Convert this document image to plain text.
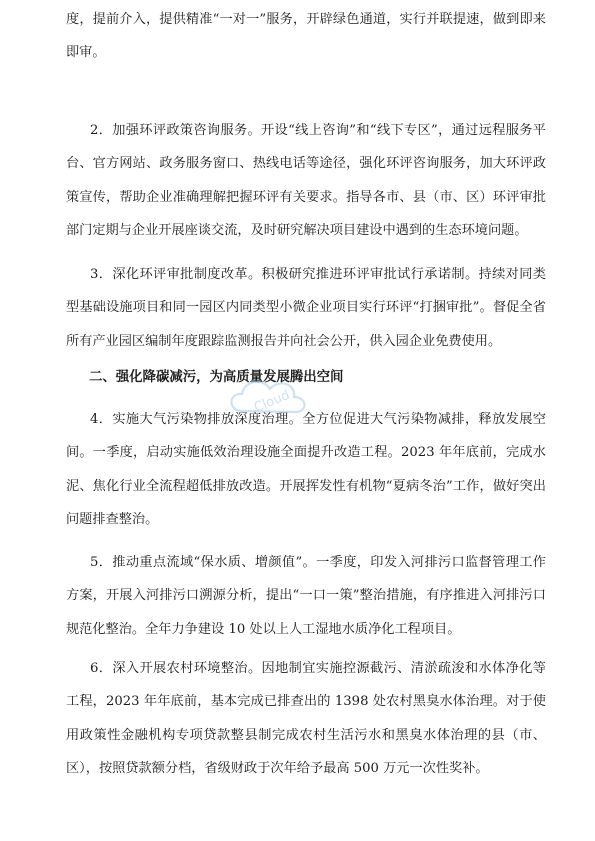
度，提前介入，提供精准“一对一”服务，开辟绿色通道，实行并联提速，做到即来即审。

2．加强环评政策咨询服务。开设“线上咨询”和“线下专区”，通过远程服务平台、官方网站、政务服务窗口、热线电话等途径，强化环评咨询服务，加大环评政策宣传，帮助企业准确理解把握环评有关要求。指导各市、县（市、区）环评审批部门定期与企业开展座谈交流，及时研究解决项目建设中遇到的生态环境问题。

3．深化环评审批制度改革。积极研究推进环评审批试行承诺制。持续对同类型基础设施项目和同一园区内同类型小微企业项目实行环评“打捆审批”。督促全省所有产业园区编制年度跟踪监测报告并向社会公开，供入园企业免费使用。

二、强化降碳减污，为高质量发展腾出空间

4．实施大气污染物排放深度治理。全方位促进大气污染物减排，释放发展空间。一季度，启动实施低效治理设施全面提升改造工程。2023 年年底前，完成水泥、焦化行业全流程超低排放改造。开展挥发性有机物“夏病冬治”工作，做好突出问题排查整治。

5．推动重点流域“保水质、增颜值”。一季度，印发入河排污口监督管理工作方案，开展入河排污口溯源分析，提出“一口一策”整治措施，有序推进入河排污口规范化整治。全年力争建设 10 处以上人工湿地水质净化工程项目。

6．深入开展农村环境整治。因地制宜实施控源截污、清淤疏浚和水体净化等工程，2023 年年底前，基本完成已排查出的 1398 处农村黑臭水体治理。对于使用政策性金融机构专项贷款整县制完成农村生活污水和黑臭水体治理的县（市、区），按照贷款额分档，省级财政于次年给予最高 500 万元一次性奖补。

Cloud
